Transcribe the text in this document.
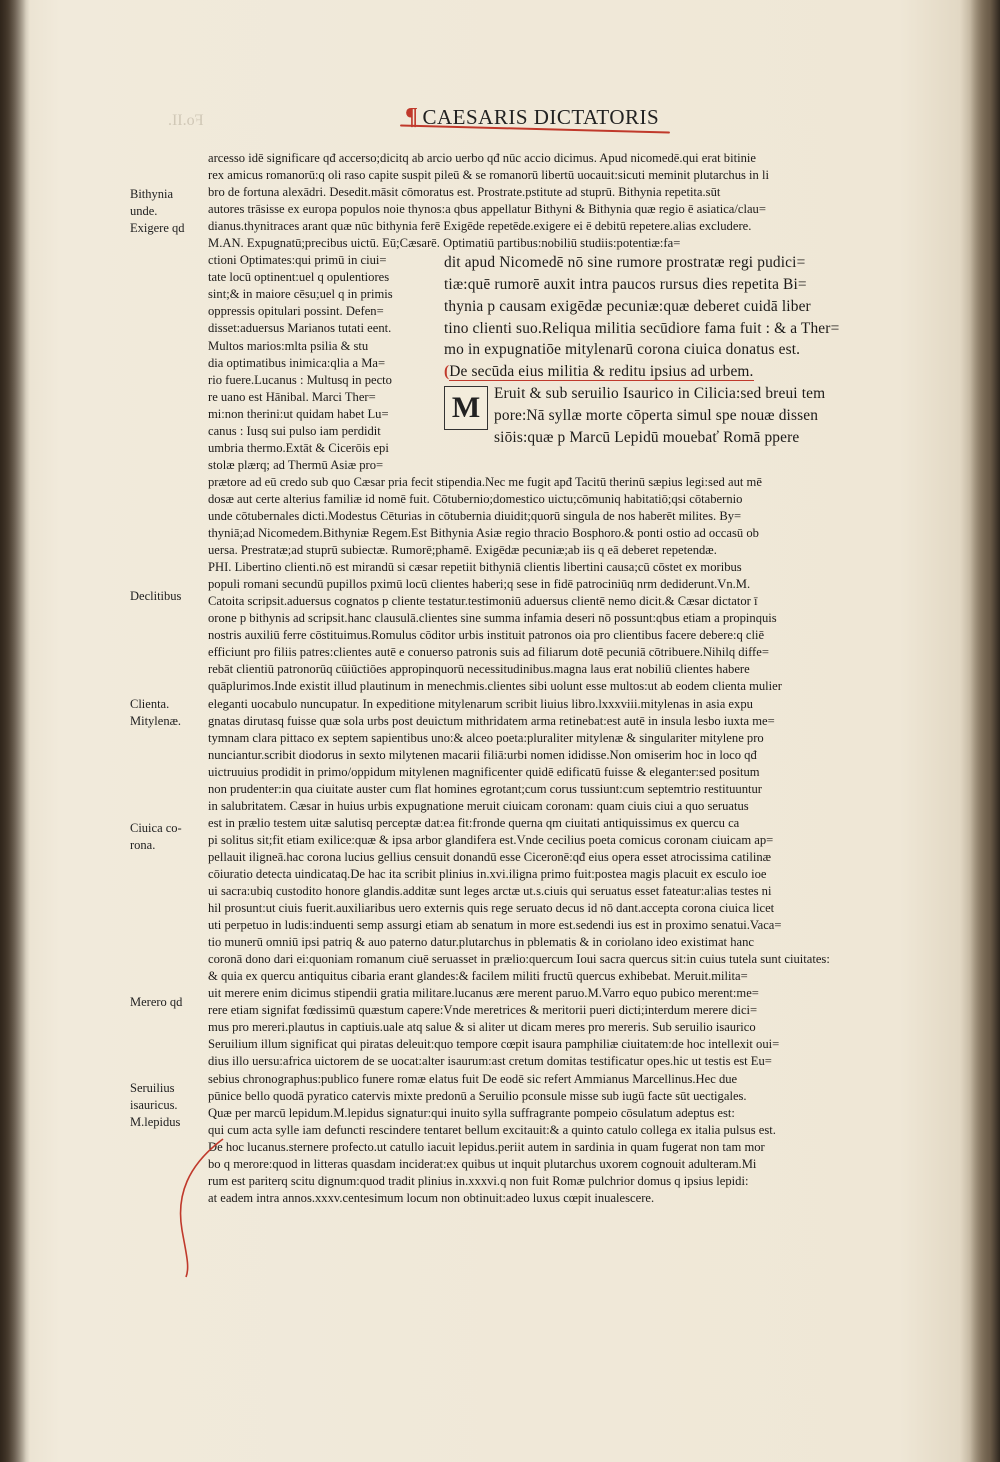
Fo.II.	¶ CAESARIS DICTATORIS
Bithynia
unde.
Exigere qd
Declitibus
Clienta.
Mitylenæ.
Ciuica co-
rona.
Merero qd
Seruilius
isauricus.
M.lepidus
arcesso idē significare qđ accerso;dicitq ab arcio uerbo qđ nūc accio dicimus. Apud nicomedē.qui erat bitinie
rex amicus romanorū:q oli raso capite suspit pileū & se romanorū libertū uocauit:sicuti meminit plutarchus in li
bro de fortuna alexādri. Desedit.māsit cōmoratus est. Prostrate.pstitute ad stuprū. Bithynia repetita.sūt
autores trāsisse ex europa populos noie thynos:a qbus appellatur Bithyni & Bithynia quæ regio ē asiatica/clau=
dianus.thynitraces arant quæ nūc bithynia ferē Exigēde repetēde.exigere ei ē debitū repetere.alias excludere.
M.AN. Expugnatū;precibus uictū. Eū;Cæsarē. Optimatiū partibus:nobiliū studiis:potentiæ:fa=
ctioni Optimates:qui primū in ciui=
tate locū optinent:uel q opulentiores
sint;& in maiore cēsu;uel q in primis
oppressis opitulari possint. Defen=
disset:aduersus Marianos tutati eent.
Multos marios:mlta psilia & stu
dia optimatibus inimica:qlia a Ma=
rio fuere.Lucanus : Multusq in pecto
re uano est Hānibal. Marci Ther=
mi:non therini:ut quidam habet Lu=
canus : Iusq sui pulso iam perdidit
umbria thermo.Extāt & Cicerōis epi
stolæ plærq; ad Thermū Asiæ pro=
dit apud Nicomedē nō sine rumore prostratæ regi pudici=
tiæ:quē rumorē auxit intra paucos rursus dies repetita Bi=
thynia p causam exigēdæ pecuniæ:quæ deberet cuidā liber
tino clienti suo.Reliqua militia secūdiore fama fuit : & a Ther=
mo in expugnatiōe mitylenarū corona ciuica donatus est.
(De secūda eius militia & reditu ipsius ad urbem.
M Eruit & sub seruilio Isaurico in Cilicia:sed breui tem
pore:Nā syllæ morte cōperta simul spe nouæ dissen
siōis:quæ p Marcū Lepidū mouebať Romā ppere
prætore ad eū credo sub quo Cæsar pria fecit stipendia.Nec me fugit apđ Tacitū therinū sæpius legi:sed aut mē
dosæ aut certe alterius familiæ id nomē fuit. Cōtubernio;domestico uictu;cōmuniq habitatiō;qsi cōtabernio
unde cōtubernales dicti.Modestus Cēturias in cōtubernia diuidit;quorū singula de nos haberēt milites. By=
thyniā;ad Nicomedem.Bithyniæ Regem.Est Bithynia Asiæ regio thracio Bosphoro.& ponti ostio ad occasū ob
uersa. Prestratæ;ad stuprū subiectæ. Rumorē;phamē. Exigēdæ pecuniæ;ab iis q eā deberet repetendæ.
PHI. Libertino clienti.nō est mirandū si cæsar repetiit bithyniā clientis libertini causa;cū cōstet ex moribus
populi romani secundū pupillos pximū locū clientes haberi;q sese in fidē patrociniūq nrm dediderunt.Vn.M.
Catoita scripsit.aduersus cognatos p cliente testatur.testimoniū aduersus clientē nemo dicit.& Cæsar dictator ī
orone p bithynis ad scripsit.hanc clausulā.clientes sine summa infamia deseri nō possunt:qbus etiam a propinquis
nostris auxiliū ferre cōstituimus.Romulus cōditor urbis instituit patronos oia pro clientibus facere debere:q cliē
efficiunt pro filiis patres:clientes autē e conuerso patronis suis ad filiarum dotē pecuniā cōtribuere.Nihilq diffe=
rebāt clientiū patronorūq cūiūctiōes appropinquorū necessitudinibus.magna laus erat nobiliū clientes habere
quāplurimos.Inde existit illud plautinum in menechmis.clientes sibi uolunt esse multos:ut ab eodem clienta mulier
eleganti uocabulo nuncupatur. In expeditione mitylenarum scribit liuius libro.lxxxviii.mitylenas in asia expu
gnatas dirutasq fuisse quæ sola urbs post deuictum mithridatem arma retinebat:est autē in insula lesbo iuxta me=
tymnam clara pittaco ex septem sapientibus uno:& alceo poeta:pluraliter mitylenæ & singulariter mitylene pro
nunciantur.scribit diodorus in sexto milytenen macarii filiā:urbi nomen ididisse.Non omiserim hoc in loco qđ
uictruuius prodidit in primo/oppidum mitylenen magnificenter quidē edificatū fuisse & eleganter:sed positum
non prudenter:in qua ciuitate auster cum flat homines egrotant;cum corus tussiunt:cum septemtrio restituuntur
in salubritatem. Cæsar in huius urbis expugnatione meruit ciuicam coronam: quam ciuis ciui a quo seruatus
est in prælio testem uitæ salutisq perceptæ dat:ea fit:fronde querna qm ciuitati antiquissimus ex quercu ca
pi solitus sit;fit etiam exilice:quæ & ipsa arbor glandifera est.Vnde cecilius poeta comicus coronam ciuicam ap=
pellauit iligneā.hac corona lucius gellius censuit donandū esse Ciceronē:qđ eius opera esset atrocissima catilinæ
cōiuratio detecta uindicataq.De hac ita scribit plinius in.xvi.iligna primo fuit:postea magis placuit ex esculo ioe
ui sacra:ubiq custodito honore glandis.additæ sunt leges arctæ ut.s.ciuis qui seruatus esset fateatur:alias testes ni
hil prosunt:ut ciuis fuerit.auxiliaribus uero externis quis rege seruato decus id nō dant.accepta corona ciuica licet
uti perpetuo in ludis:induenti semp assurgi etiam ab senatum in more est.sedendi ius est in proximo senatui.Vaca=
tio munerū omniū ipsi patriq & auo paterno datur.plutarchus in pblematis & in coriolano ideo existimat hanc
coronā dono dari ei:quoniam romanum ciuē seruasset in prælio:quercum Ioui sacra quercus sit:in cuius tutela sunt ciuitates:
& quia ex quercu antiquitus cibaria erant glandes:& facilem militi fructū quercus exhibebat. Meruit.milita=
uit merere enim dicimus stipendii gratia militare.lucanus ære merent paruo.M.Varro equo pubico merent:me=
rere etiam signifat fœdissimū quæstum capere:Vnde meretrices & meritorii pueri dicti;interdum merere dici=
mus pro mereri.plautus in captiuis.uale atq salue & si aliter ut dicam meres pro mereris. Sub seruilio isaurico
Seruilium illum significat qui piratas deleuit:quo tempore cœpit isaura pamphiliæ ciuitatem:de hoc intellexit oui=
dius illo uersu:africa uictorem de se uocat:alter isaurum:ast cretum domitas testificatur opes.hic ut testis est Eu=
sebius chronographus:publico funere romæ elatus fuit De eodē sic refert Ammianus Marcellinus.Hec due
pūnice bello quodā pyratico catervis mixte predonū a Seruilio pconsule misse sub iugū facte sūt uectigales.
Quæ per marcū lepidum.M.lepidus signatur:qui inuito sylla suffragrante pompeio cōsulatum adeptus est:
qui cum acta sylle iam defuncti rescindere tentaret bellum excitauit:& a quinto catulo collega ex italia pulsus est.
De hoc lucanus.sternere profecto.ut catullo iacuit lepidus.periit autem in sardinia in quam fugerat non tam mor
bo q merore:quod in litteras quasdam inciderat:ex quibus ut inquit plutarchus uxorem cognouit adulteram.Mi
rum est pariterq scitu dignum:quod tradit plinius in.xxxvi.q non fuit Romæ pulchrior domus q ipsius lepidi:
at eadem intra annos.xxxv.centesimum locum non obtinuit:adeo luxus cœpit inualescere.
